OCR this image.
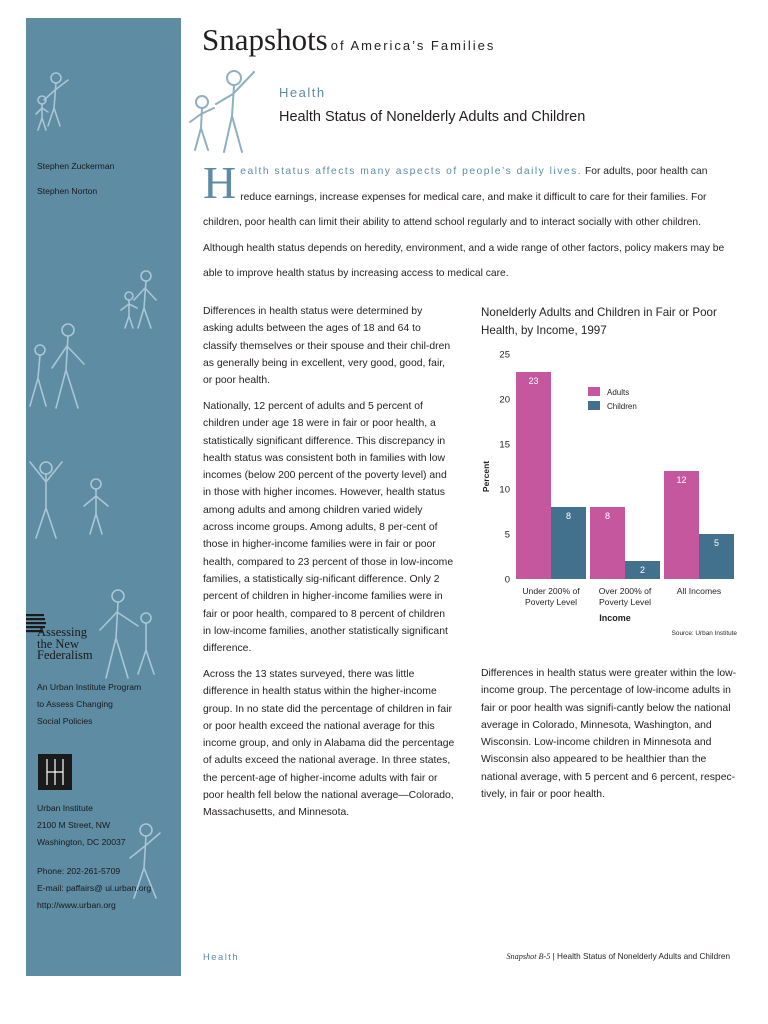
Snapshots of America’s Families
Health
Health Status of Nonelderly Adults and Children
Stephen Zuckerman
Stephen Norton
Assessing
the New
Federalism
An Urban Institute Program
to Assess Changing
Social Policies
Urban Institute
2100 M Street, NW
Washington, DC 20037
Phone: 202-261-5709
E-mail: paffairs@ ui.urban.org
http://www.urban.org
Health status affects many aspects of people’s daily lives. For adults, poor health can reduce earnings, increase expenses for medical care, and make it difficult to care for their families. For children, poor health can limit their ability to attend school regularly and to interact socially with other children. Although health status depends on heredity, environment, and a wide range of other factors, policy makers may be able to improve health status by increasing access to medical care.

Differences in health status were determined by asking adults between the ages of 18 and 64 to classify themselves or their spouse and their chil-dren as generally being in excellent, very good, good, fair, or poor health.

Nationally, 12 percent of adults and 5 percent of children under age 18 were in fair or poor health, a statistically significant difference. This discrepancy in health status was consistent both in families with low incomes (below 200 percent of the poverty level) and in those with higher incomes. However, health status among adults and among children varied widely across income groups. Among adults, 8 per-cent of those in higher-income families were in fair or poor health, compared to 23 percent of those in low-income families, a statistically sig-nificant difference. Only 2 percent of children in higher-income families were in fair or poor health, compared to 8 percent of children in low-income families, another statistically significant difference.

Across the 13 states surveyed, there was little difference in health status within the higher-income group. In no state did the percentage of children in fair or poor health exceed the national average for this income group, and only in Alabama did the percentage of adults exceed the national average. In three states, the percent-age of higher-income adults with fair or poor health fell below the national average—Colorado, Massachusetts, and Minnesota.

Nonelderly Adults and Children in Fair or Poor Health, by Income, 1997
0
5
10
15
20
25
Percent
23
8
Under 200% of
Poverty Level
8
2
Over 200% of
Poverty Level
12
5
All Incomes
Income
Adults
Children
Source: Urban Institute

Differences in health status were greater within the low-income group. The percentage of low-income adults in fair or poor health was signifi-cantly below the national average in Colorado, Minnesota, Washington, and Wisconsin. Low-income children in Minnesota and Wisconsin also appeared to be healthier than the national average, with 5 percent and 6 percent, respec-tively, in fair or poor health.

Health	Snapshot B-5 | Health Status of Nonelderly Adults and Children
